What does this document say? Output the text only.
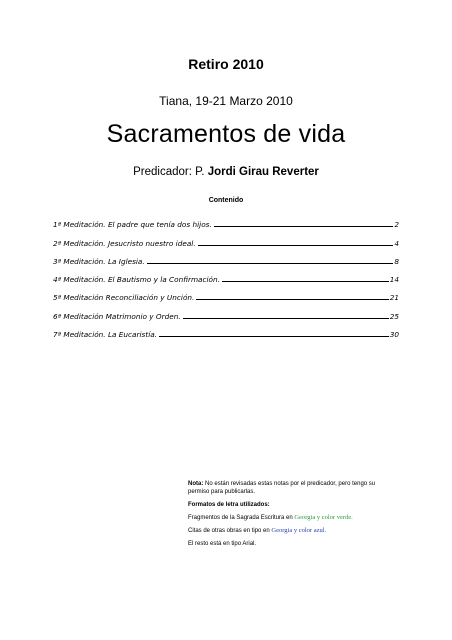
Retiro 2010
Tiana, 19-21 Marzo 2010
Sacramentos de vida
Predicador: P. Jordi Girau Reverter
Contenido
1ª Meditación. El padre que tenía dos hijos.	2
2ª Meditación. Jesucristo nuestro ideal.	4
3ª Meditación. La Iglesia.	8
4ª Meditación. El Bautismo y la Confirmación.	14
5ª Meditación Reconciliación y Unción.	21
6ª Meditación Matrimonio y Orden.	25
7ª Meditación. La Eucaristía.	30

Nota: No están revisadas estas notas por el predicador, pero tengo su permiso para publicarlas.

Formatos de letra utilizados:

Fragmentos de la Sagrada Escritura en Georgia y color verde.

Citas de otras obras en tipo en Georgia y color azul.

El resto está en tipo Arial.
